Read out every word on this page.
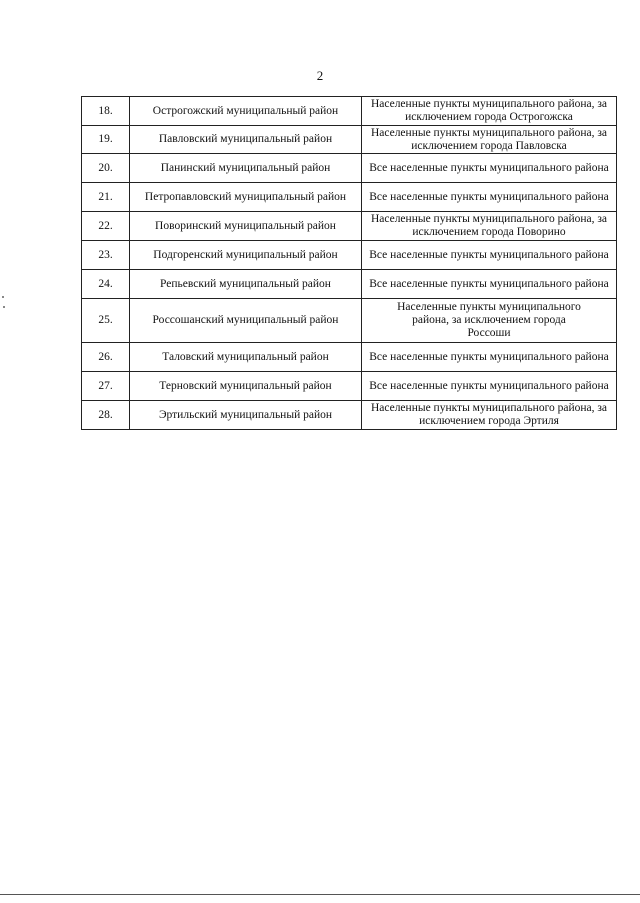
2
18.	Острогожский муниципальный район	Населенные пункты муниципального района, за исключением города Острогожска
19.	Павловский муниципальный район	Населенные пункты муниципального района, за исключением города Павловска
20.	Панинский муниципальный район	Все населенные пункты муниципального района
21.	Петропавловский муниципальный район	Все населенные пункты муниципального района
22.	Поворинский муниципальный район	Населенные пункты муниципального района, за исключением города Поворино
23.	Подгоренский муниципальный район	Все населенные пункты муниципального района
24.	Репьевский муниципальный район	Все населенные пункты муниципального района
25.	Россошанский муниципальный район	Населенные пункты муниципального района, за исключением города Россоши
26.	Таловский муниципальный район	Все населенные пункты муниципального района
27.	Терновский муниципальный район	Все населенные пункты муниципального района
28.	Эртильский муниципальный район	Населенные пункты муниципального района, за исключением города Эртиля
